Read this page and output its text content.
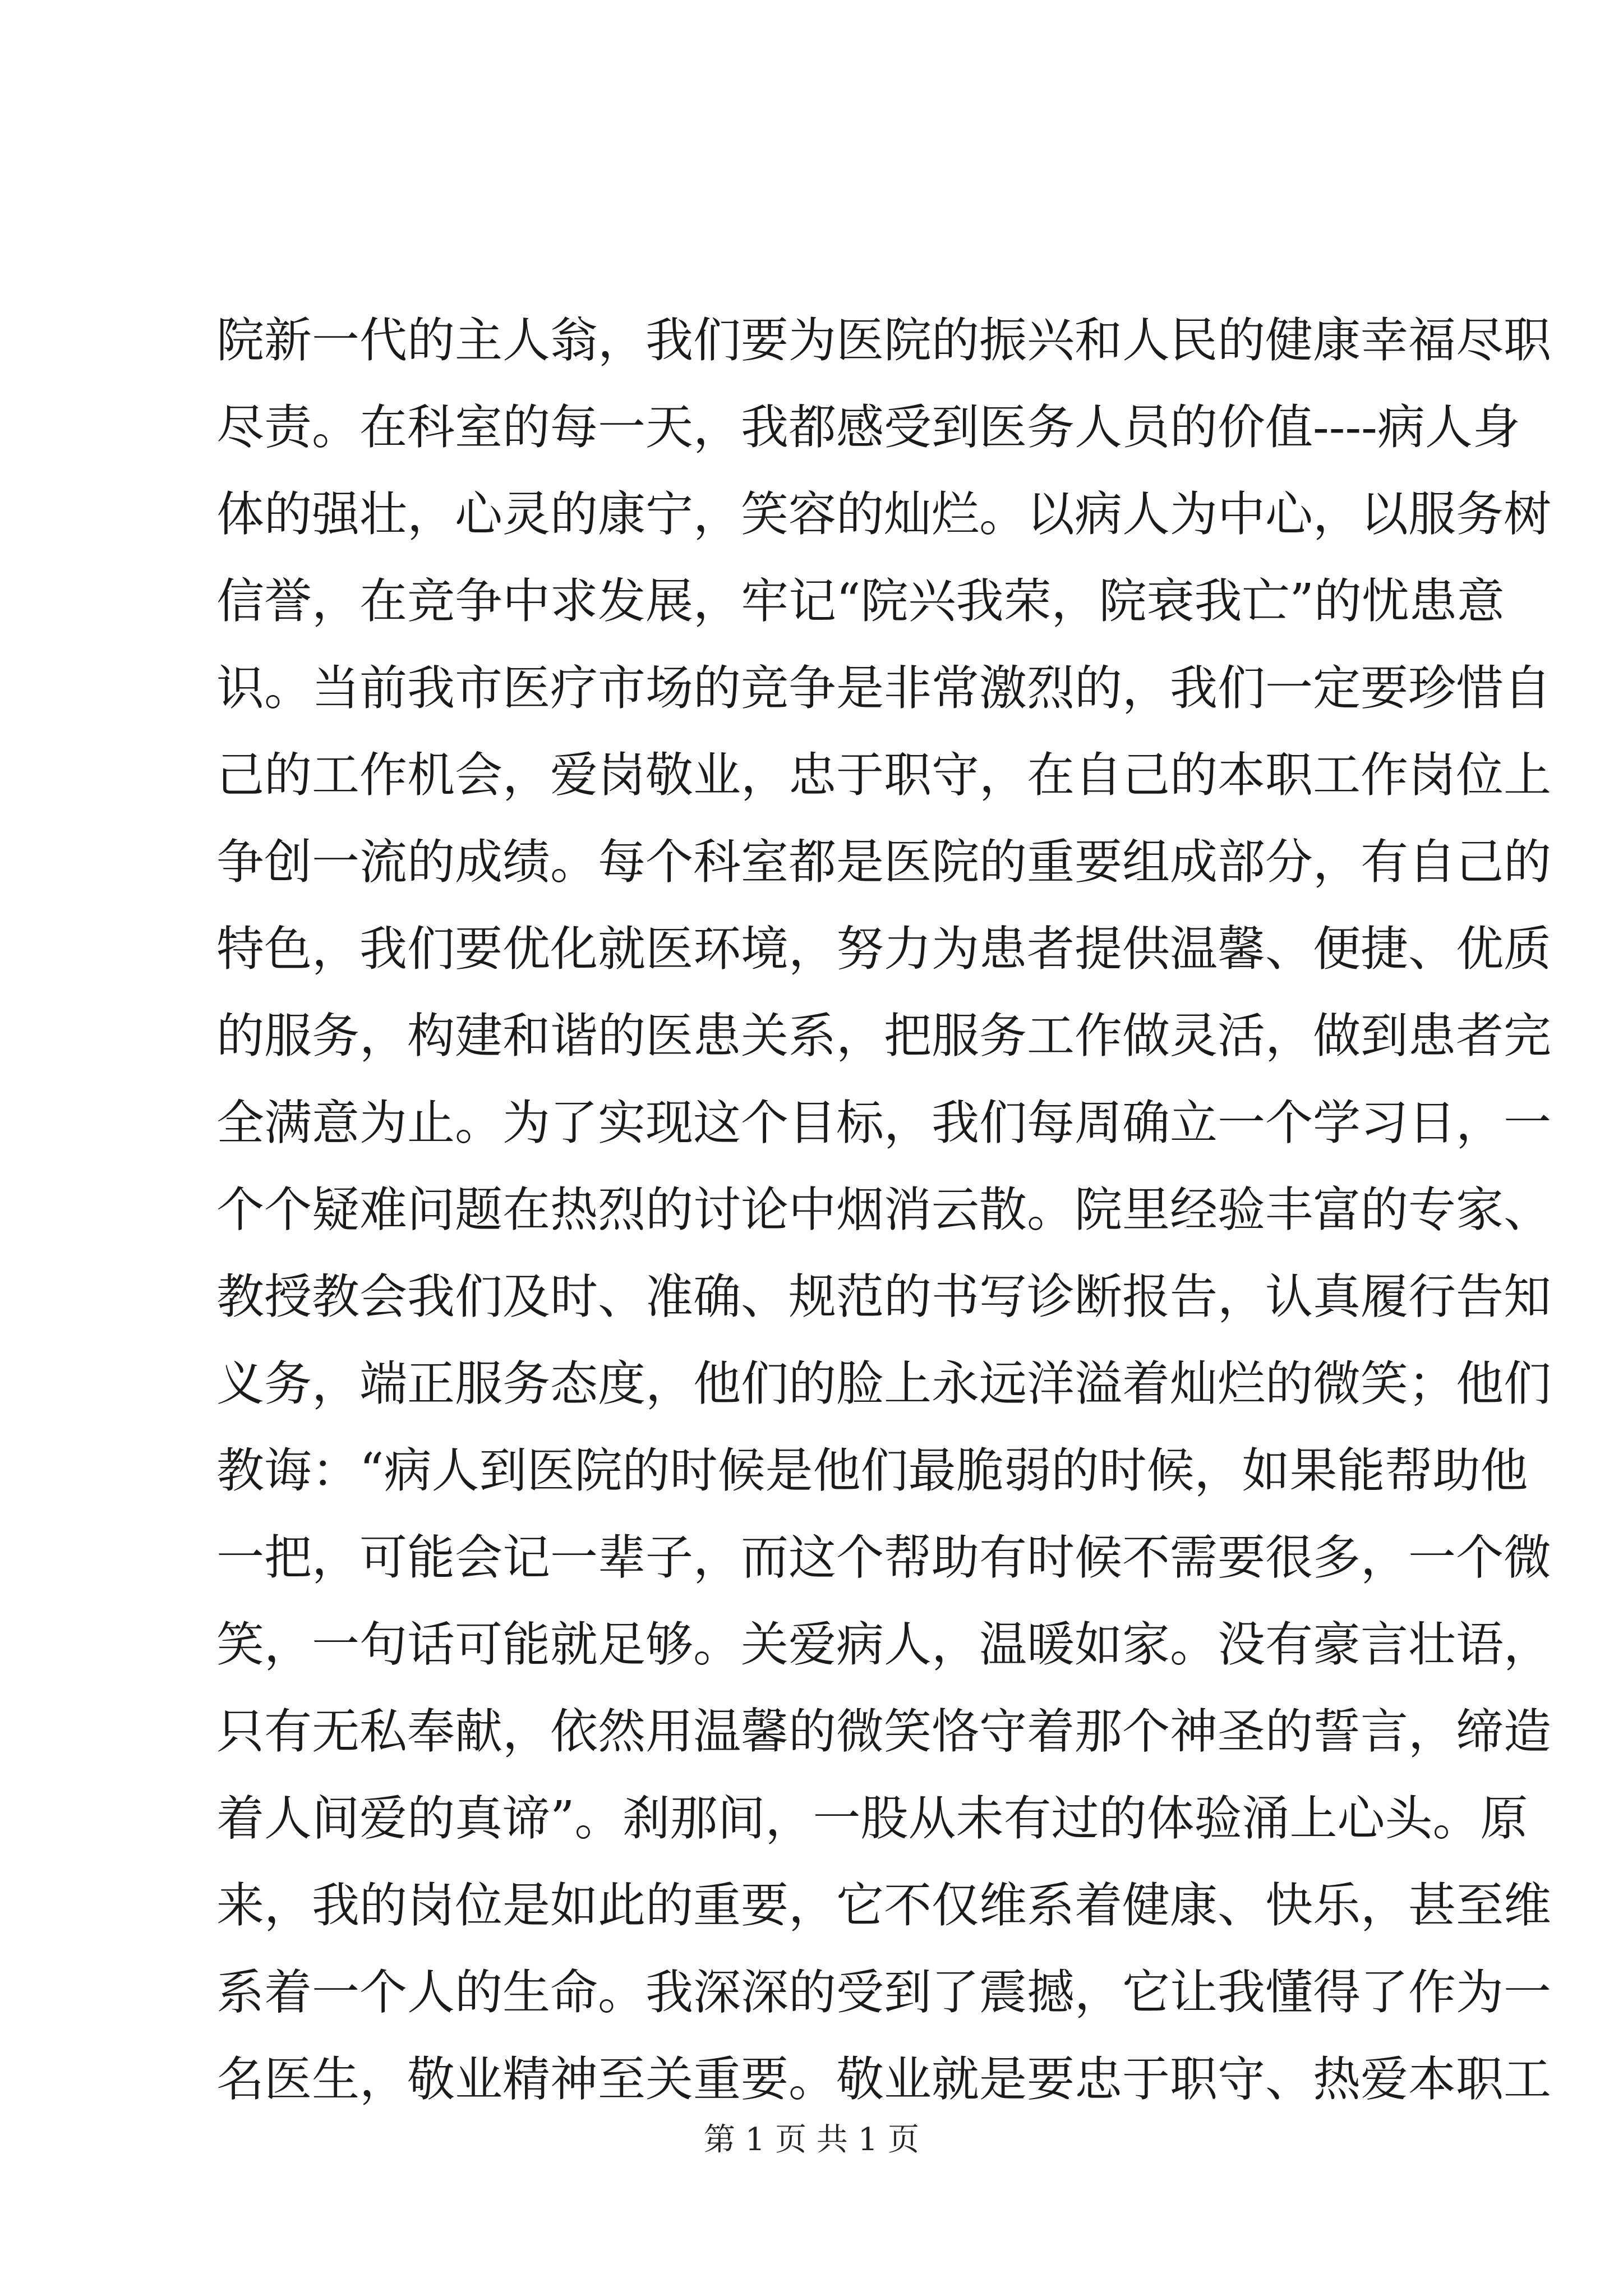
院新一代的主人翁，我们要为医院的振兴和人民的健康幸福尽职
尽责。在科室的每一天，我都感受到医务人员的价值----病人身
体的强壮，心灵的康宁，笑容的灿烂。以病人为中心，以服务树
信誉，在竞争中求发展，牢记“院兴我荣，院衰我亡”的忧患意
识。当前我市医疗市场的竞争是非常激烈的，我们一定要珍惜自
己的工作机会，爱岗敬业，忠于职守，在自己的本职工作岗位上
争创一流的成绩。每个科室都是医院的重要组成部分，有自己的
特色，我们要优化就医环境，努力为患者提供温馨、便捷、优质
的服务，构建和谐的医患关系，把服务工作做灵活，做到患者完
全满意为止。为了实现这个目标，我们每周确立一个学习日，一
个个疑难问题在热烈的讨论中烟消云散。院里经验丰富的专家、
教授教会我们及时、准确、规范的书写诊断报告，认真履行告知
义务，端正服务态度，他们的脸上永远洋溢着灿烂的微笑；他们
教诲：“病人到医院的时候是他们最脆弱的时候，如果能帮助他
一把，可能会记一辈子，而这个帮助有时候不需要很多，一个微
笑，一句话可能就足够。关爱病人，温暖如家。没有豪言壮语，
只有无私奉献，依然用温馨的微笑恪守着那个神圣的誓言，缔造
着人间爱的真谛”。刹那间，一股从未有过的体验涌上心头。原
来，我的岗位是如此的重要，它不仅维系着健康、快乐，甚至维
系着一个人的生命。我深深的受到了震撼，它让我懂得了作为一
名医生，敬业精神至关重要。敬业就是要忠于职守、热爱本职工
第 1 页 共 1 页
